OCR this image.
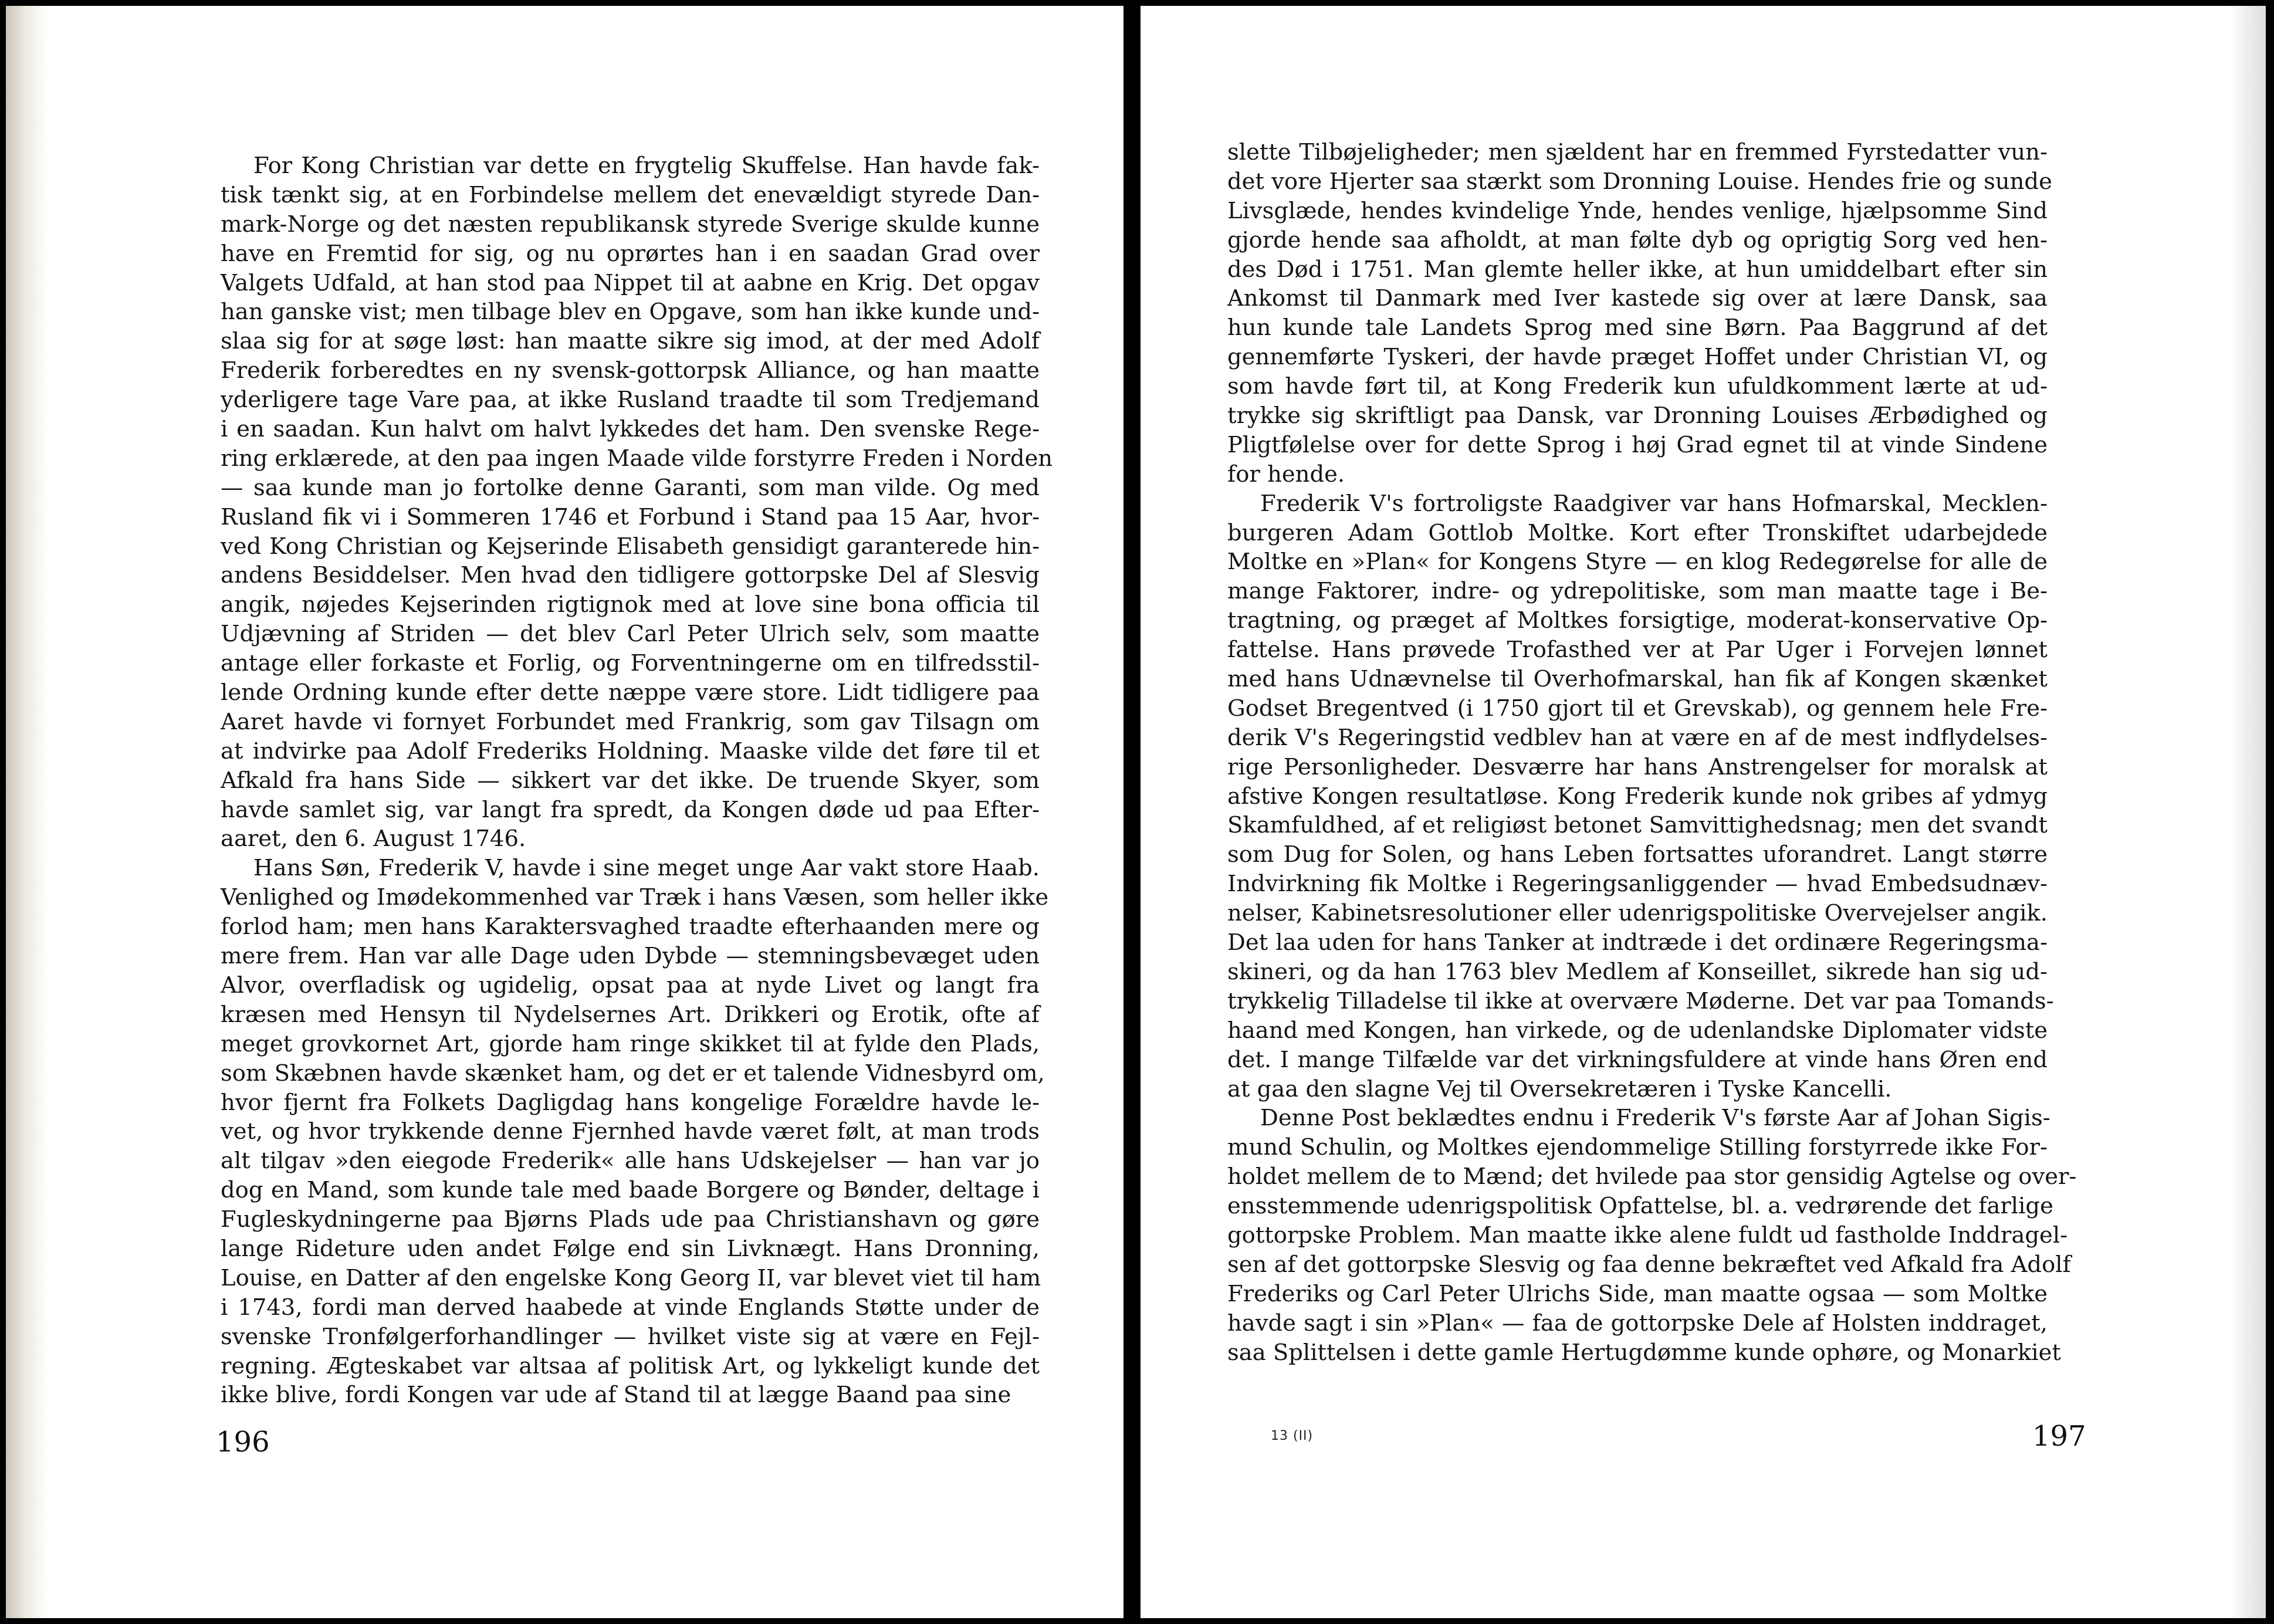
For Kong Christian var dette en frygtelig Skuffelse. Han havde fak-
tisk tænkt sig, at en Forbindelse mellem det enevældigt styrede Dan-
mark-Norge og det næsten republikansk styrede Sverige skulde kunne
have en Fremtid for sig, og nu oprørtes han i en saadan Grad over
Valgets Udfald, at han stod paa Nippet til at aabne en Krig. Det opgav
han ganske vist; men tilbage blev en Opgave, som han ikke kunde und-
slaa sig for at søge løst: han maatte sikre sig imod, at der med Adolf
Frederik forberedtes en ny svensk-gottorpsk Alliance, og han maatte
yderligere tage Vare paa, at ikke Rusland traadte til som Tredjemand
i en saadan. Kun halvt om halvt lykkedes det ham. Den svenske Rege-
ring erklærede, at den paa ingen Maade vilde forstyrre Freden i Norden
— saa kunde man jo fortolke denne Garanti, som man vilde. Og med
Rusland fik vi i Sommeren 1746 et Forbund i Stand paa 15 Aar, hvor-
ved Kong Christian og Kejserinde Elisabeth gensidigt garanterede hin-
andens Besiddelser. Men hvad den tidligere gottorpske Del af Slesvig
angik, nøjedes Kejserinden rigtignok med at love sine bona officia til
Udjævning af Striden — det blev Carl Peter Ulrich selv, som maatte
antage eller forkaste et Forlig, og Forventningerne om en tilfredsstil-
lende Ordning kunde efter dette næppe være store. Lidt tidligere paa
Aaret havde vi fornyet Forbundet med Frankrig, som gav Tilsagn om
at indvirke paa Adolf Frederiks Holdning. Maaske vilde det føre til et
Afkald fra hans Side — sikkert var det ikke. De truende Skyer, som
havde samlet sig, var langt fra spredt, da Kongen døde ud paa Efter-
aaret, den 6. August 1746.
Hans Søn, Frederik V, havde i sine meget unge Aar vakt store Haab.
Venlighed og Imødekommenhed var Træk i hans Væsen, som heller ikke
forlod ham; men hans Karaktersvaghed traadte efterhaanden mere og
mere frem. Han var alle Dage uden Dybde — stemningsbevæget uden
Alvor, overfladisk og ugidelig, opsat paa at nyde Livet og langt fra
kræsen med Hensyn til Nydelsernes Art. Drikkeri og Erotik, ofte af
meget grovkornet Art, gjorde ham ringe skikket til at fylde den Plads,
som Skæbnen havde skænket ham, og det er et talende Vidnesbyrd om,
hvor fjernt fra Folkets Dagligdag hans kongelige Forældre havde le-
vet, og hvor trykkende denne Fjernhed havde været følt, at man trods
alt tilgav »den eiegode Frederik« alle hans Udskejelser — han var jo
dog en Mand, som kunde tale med baade Borgere og Bønder, deltage i
Fugleskydningerne paa Bjørns Plads ude paa Christianshavn og gøre
lange Rideture uden andet Følge end sin Livknægt. Hans Dronning,
Louise, en Datter af den engelske Kong Georg II, var blevet viet til ham
i 1743, fordi man derved haabede at vinde Englands Støtte under de
svenske Tronfølgerforhandlinger — hvilket viste sig at være en Fejl-
regning. Ægteskabet var altsaa af politisk Art, og lykkeligt kunde det
ikke blive, fordi Kongen var ude af Stand til at lægge Baand paa sine
196
slette Tilbøjeligheder; men sjældent har en fremmed Fyrstedatter vun-
det vore Hjerter saa stærkt som Dronning Louise. Hendes frie og sunde
Livsglæde, hendes kvindelige Ynde, hendes venlige, hjælpsomme Sind
gjorde hende saa afholdt, at man følte dyb og oprigtig Sorg ved hen-
des Død i 1751. Man glemte heller ikke, at hun umiddelbart efter sin
Ankomst til Danmark med Iver kastede sig over at lære Dansk, saa
hun kunde tale Landets Sprog med sine Børn. Paa Baggrund af det
gennemførte Tyskeri, der havde præget Hoffet under Christian VI, og
som havde ført til, at Kong Frederik kun ufuldkomment lærte at ud-
trykke sig skriftligt paa Dansk, var Dronning Louises Ærbødighed og
Pligtfølelse over for dette Sprog i høj Grad egnet til at vinde Sindene
for hende.
Frederik V's fortroligste Raadgiver var hans Hofmarskal, Mecklen-
burgeren Adam Gottlob Moltke. Kort efter Tronskiftet udarbejdede
Moltke en »Plan« for Kongens Styre — en klog Redegørelse for alle de
mange Faktorer, indre- og ydrepolitiske, som man maatte tage i Be-
tragtning, og præget af Moltkes forsigtige, moderat-konservative Op-
fattelse. Hans prøvede Trofasthed ver at Par Uger i Forvejen lønnet
med hans Udnævnelse til Overhofmarskal, han fik af Kongen skænket
Godset Bregentved (i 1750 gjort til et Grevskab), og gennem hele Fre-
derik V's Regeringstid vedblev han at være en af de mest indflydelses-
rige Personligheder. Desværre har hans Anstrengelser for moralsk at
afstive Kongen resultatløse. Kong Frederik kunde nok gribes af ydmyg
Skamfuldhed, af et religiøst betonet Samvittighedsnag; men det svandt
som Dug for Solen, og hans Leben fortsattes uforandret. Langt større
Indvirkning fik Moltke i Regeringsanliggender — hvad Embedsudnæv-
nelser, Kabinetsresolutioner eller udenrigspolitiske Overvejelser angik.
Det laa uden for hans Tanker at indtræde i det ordinære Regeringsma-
skineri, og da han 1763 blev Medlem af Konseillet, sikrede han sig ud-
trykkelig Tilladelse til ikke at overvære Møderne. Det var paa Tomands-
haand med Kongen, han virkede, og de udenlandske Diplomater vidste
det. I mange Tilfælde var det virkningsfuldere at vinde hans Øren end
at gaa den slagne Vej til Oversekretæren i Tyske Kancelli.
Denne Post beklædtes endnu i Frederik V's første Aar af Johan Sigis-
mund Schulin, og Moltkes ejendommelige Stilling forstyrrede ikke For-
holdet mellem de to Mænd; det hvilede paa stor gensidig Agtelse og over-
ensstemmende udenrigspolitisk Opfattelse, bl. a. vedrørende det farlige
gottorpske Problem. Man maatte ikke alene fuldt ud fastholde Inddragel-
sen af det gottorpske Slesvig og faa denne bekræftet ved Afkald fra Adolf
Frederiks og Carl Peter Ulrichs Side, man maatte ogsaa — som Moltke
havde sagt i sin »Plan« — faa de gottorpske Dele af Holsten inddraget,
saa Splittelsen i dette gamle Hertugdømme kunde ophøre, og Monarkiet
13 (II)	197
